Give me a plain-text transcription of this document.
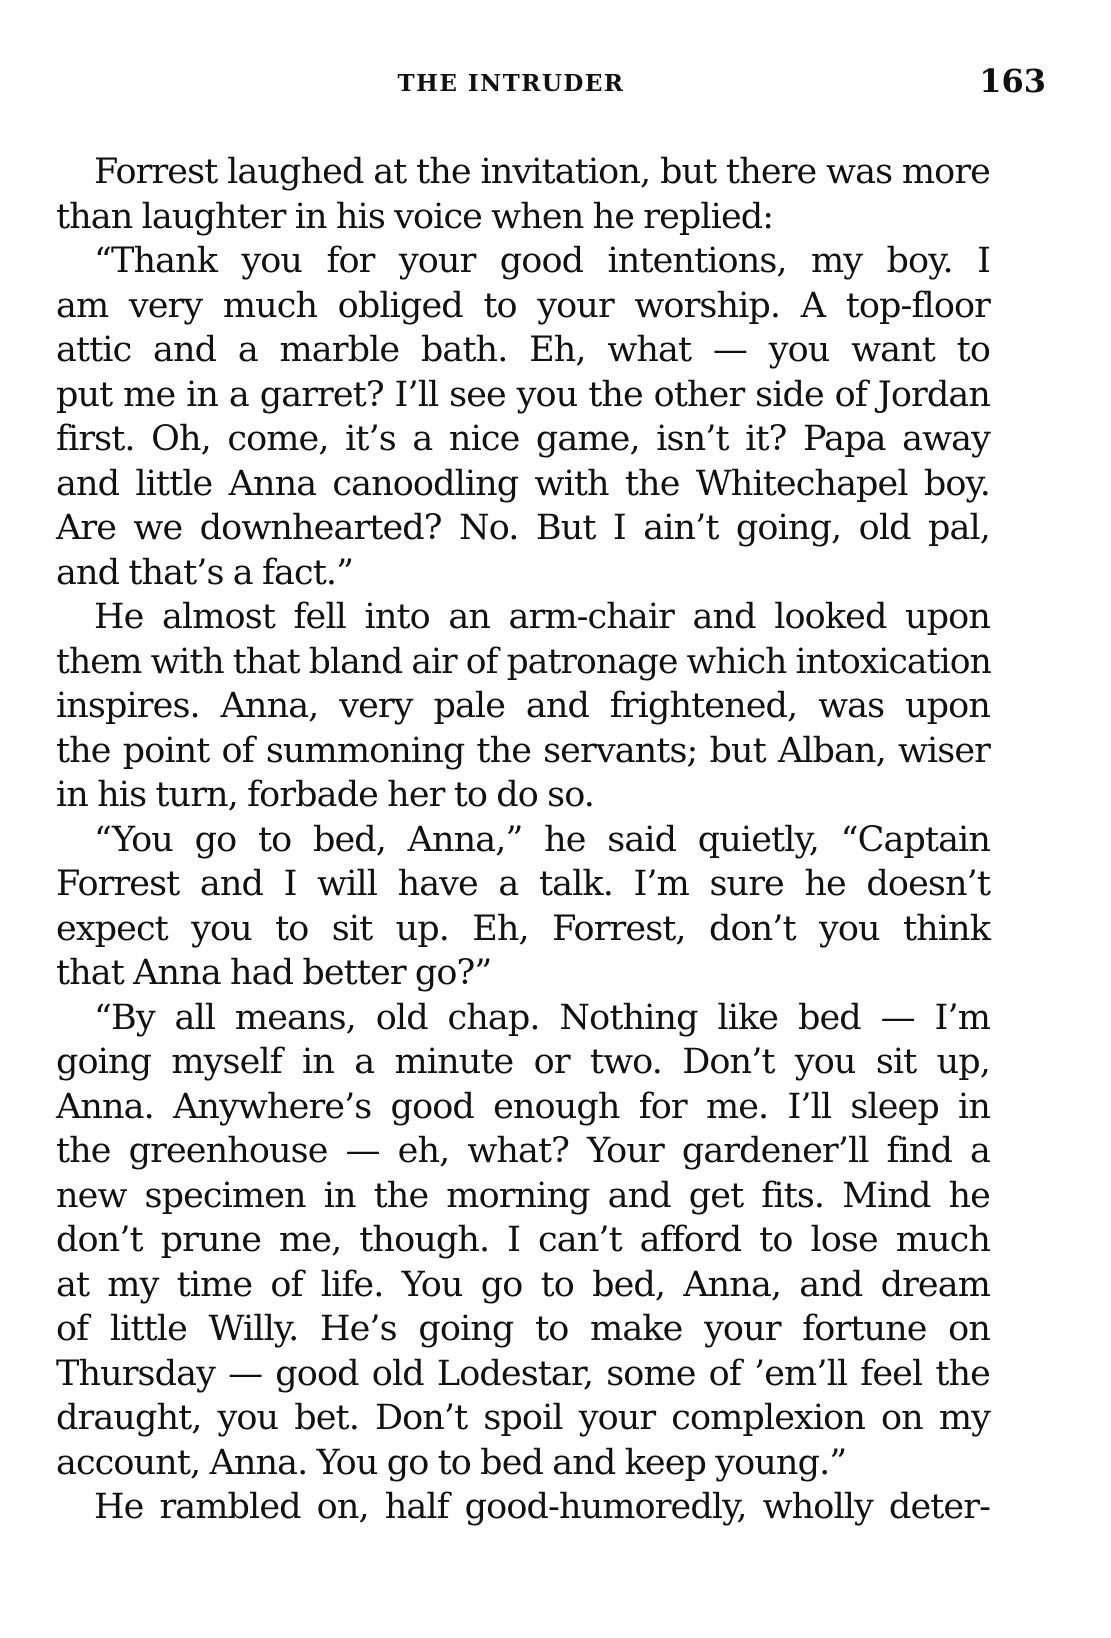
THE INTRUDER	163
Forrest laughed at the invitation, but there was more
than laughter in his voice when he replied:
“Thank you for your good intentions, my boy. I
am very much obliged to your worship. A top-floor
attic and a marble bath. Eh, what — you want to
put me in a garret? I’ll see you the other side of Jordan
first. Oh, come, it’s a nice game, isn’t it? Papa away
and little Anna canoodling with the Whitechapel boy.
Are we downhearted? No. But I ain’t going, old pal,
and that’s a fact.”
He almost fell into an arm-chair and looked upon
them with that bland air of patronage which intoxication
inspires. Anna, very pale and frightened, was upon
the point of summoning the servants; but Alban, wiser
in his turn, forbade her to do so.
“You go to bed, Anna,” he said quietly, “Captain
Forrest and I will have a talk. I’m sure he doesn’t
expect you to sit up. Eh, Forrest, don’t you think
that Anna had better go?”
“By all means, old chap. Nothing like bed — I’m
going myself in a minute or two. Don’t you sit up,
Anna. Anywhere’s good enough for me. I’ll sleep in
the greenhouse — eh, what? Your gardener’ll find a
new specimen in the morning and get fits. Mind he
don’t prune me, though. I can’t afford to lose much
at my time of life. You go to bed, Anna, and dream
of little Willy. He’s going to make your fortune on
Thursday — good old Lodestar, some of ’em’ll feel the
draught, you bet. Don’t spoil your complexion on my
account, Anna. You go to bed and keep young.”
He rambled on, half good-humoredly, wholly deter-
